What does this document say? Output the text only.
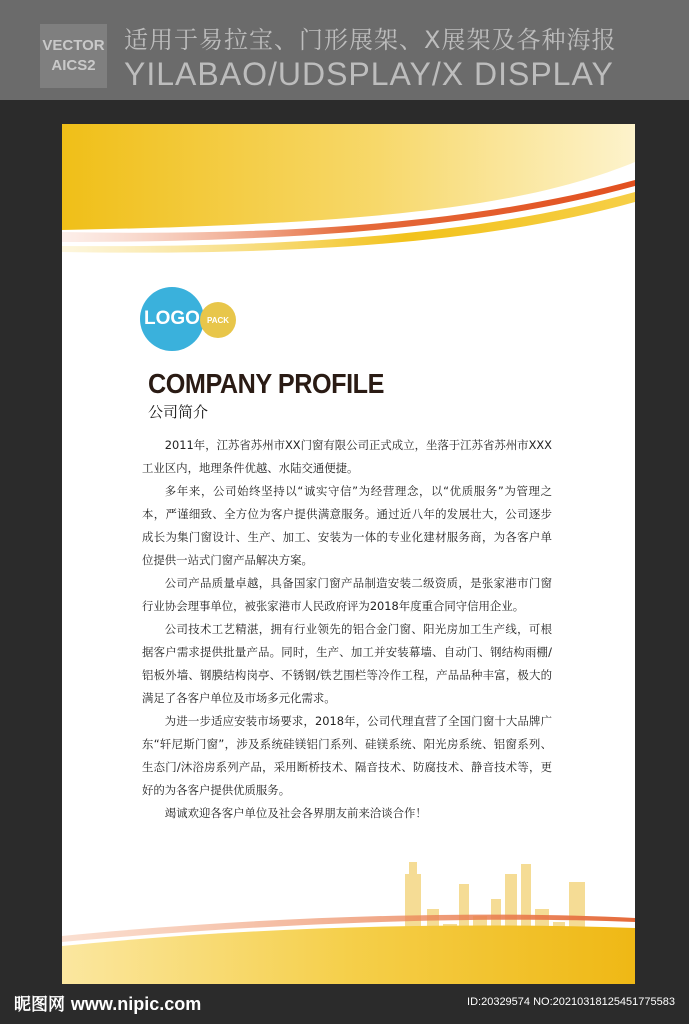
VECTOR
AICS2
适用于易拉宝、门形展架、X展架及各种海报
YILABAO/UDSPLAY/X DISPLAY
LOGO PACK
COMPANY PROFILE
公司简介

2011年，江苏省苏州市XX门窗有限公司正式成立，坐落于江苏省苏州市XXX工业区内，地理条件优越、水陆交通便捷。

多年来，公司始终坚持以“诚实守信”为经营理念，以“优质服务”为管理之本，严谨细致、全方位为客户提供满意服务。通过近八年的发展壮大，公司逐步成长为集门窗设计、生产、加工、安装为一体的专业化建材服务商，为各客户单位提供一站式门窗产品解决方案。

公司产品质量卓越，具备国家门窗产品制造安装二级资质，是张家港市门窗行业协会理事单位，被张家港市人民政府评为2018年度重合同守信用企业。

公司技术工艺精湛，拥有行业领先的铝合金门窗、阳光房加工生产线，可根据客户需求提供批量产品。同时，生产、加工并安装幕墙、自动门、钢结构雨棚/铝板外墙、钢膜结构岗亭、不锈钢/铁艺围栏等冷作工程，产品品种丰富，极大的满足了各客户单位及市场多元化需求。

为进一步适应安装市场要求，2018年，公司代理直营了全国门窗十大品牌广东“轩尼斯门窗”，涉及系统硅镁铝门系列、硅镁系统、阳光房系统、铝窗系列、生态门/沐浴房系列产品，采用断桥技术、隔音技术、防腐技术、静音技术等，更好的为各客户提供优质服务。

竭诚欢迎各客户单位及社会各界朋友前来洽谈合作！

昵图网 www.nipic.com	ID:20329574 NO:20210318125451775583
